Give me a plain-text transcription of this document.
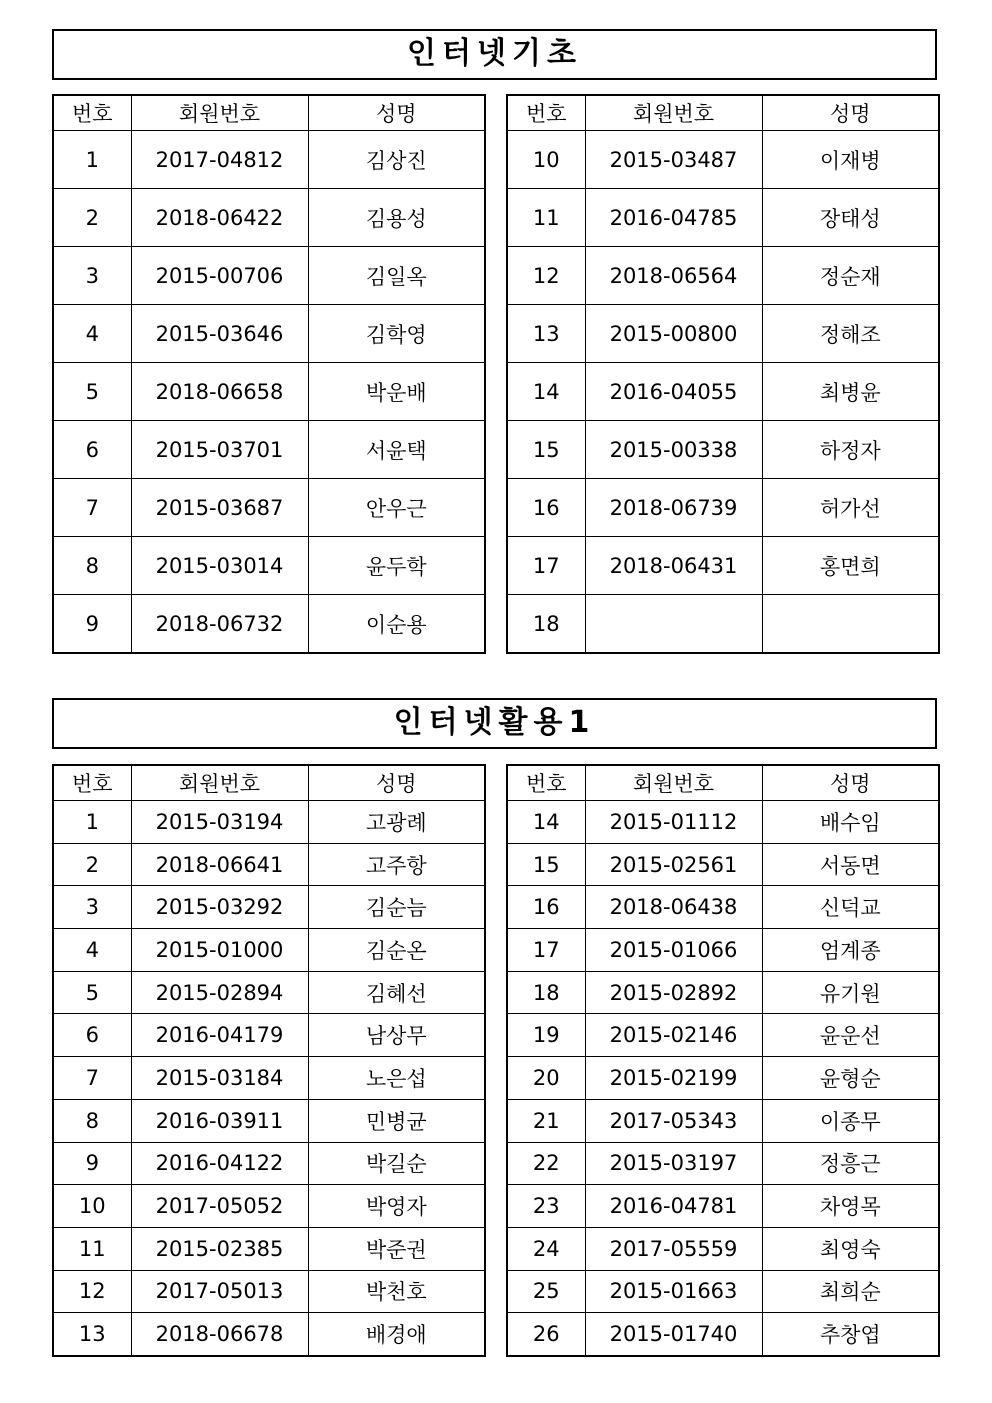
인터넷기초
번호	회원번호	성명
1	2017-04812	김상진
2	2018-06422	김용성
3	2015-00706	김일옥
4	2015-03646	김학영
5	2018-06658	박운배
6	2015-03701	서윤택
7	2015-03687	안우근
8	2015-03014	윤두학
9	2018-06732	이순용
번호	회원번호	성명
10	2015-03487	이재병
11	2016-04785	장태성
12	2018-06564	정순재
13	2015-00800	정해조
14	2016-04055	최병윤
15	2015-00338	하정자
16	2018-06739	허가선
17	2018-06431	홍면희
18		
인터넷활용1
번호	회원번호	성명
1	2015-03194	고광례
2	2018-06641	고주항
3	2015-03292	김순늠
4	2015-01000	김순온
5	2015-02894	김혜선
6	2016-04179	남상무
7	2015-03184	노은섭
8	2016-03911	민병균
9	2016-04122	박길순
10	2017-05052	박영자
11	2015-02385	박준권
12	2017-05013	박천호
13	2018-06678	배경애
번호	회원번호	성명
14	2015-01112	배수임
15	2015-02561	서동면
16	2018-06438	신덕교
17	2015-01066	엄계종
18	2015-02892	유기원
19	2015-02146	윤운선
20	2015-02199	윤형순
21	2017-05343	이종무
22	2015-03197	정흥근
23	2016-04781	차영목
24	2017-05559	최영숙
25	2015-01663	최희순
26	2015-01740	추창엽
